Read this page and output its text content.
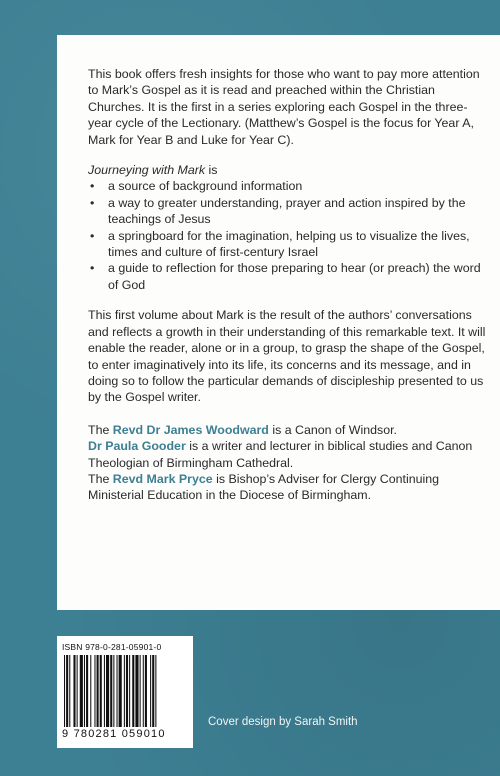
This book offers fresh insights for those who want to pay more attention to Mark’s Gospel as it is read and preached within the Christian Churches. It is the first in a series exploring each Gospel in the three-year cycle of the Lectionary. (Matthew’s Gospel is the focus for Year A, Mark for Year B and Luke for Year C).

Journeying with Mark is

• a source of background information
• a way to greater understanding, prayer and action inspired by the teachings of Jesus
• a springboard for the imagination, helping us to visualize the lives, times and culture of first-century Israel
• a guide to reflection for those preparing to hear (or preach) the word of God

This first volume about Mark is the result of the authors’ conversations and reflects a growth in their understanding of this remarkable text. It will enable the reader, alone or in a group, to grasp the shape of the Gospel, to enter imaginatively into its life, its concerns and its message, and in doing so to follow the particular demands of discipleship presented to us by the Gospel writer.

The Revd Dr James Woodward is a Canon of Windsor.

Dr Paula Gooder is a writer and lecturer in biblical studies and Canon Theologian of Birmingham Cathedral.

The Revd Mark Pryce is Bishop’s Adviser for Clergy Continuing Ministerial Education in the Diocese of Birmingham.

ISBN 978-0-281-05901-0
9 780281 059010
Cover design by Sarah Smith
